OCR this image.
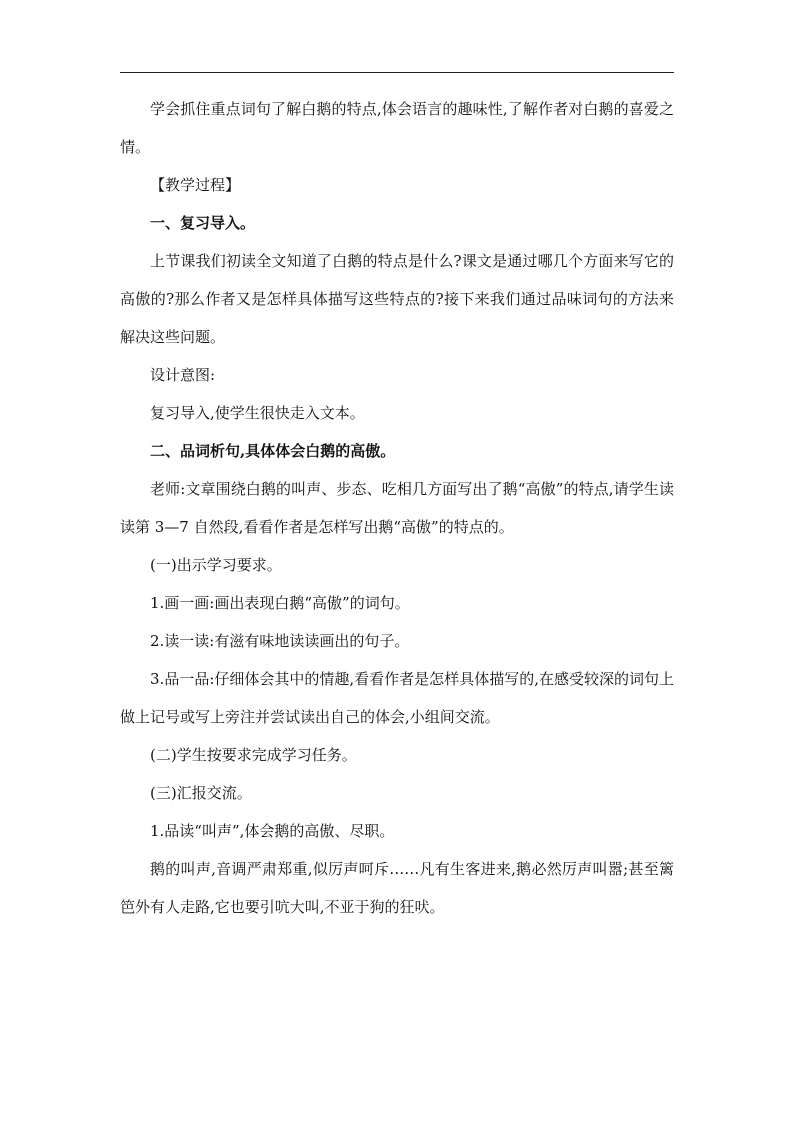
学会抓住重点词句了解白鹅的特点,体会语言的趣味性,了解作者对白鹅的喜爱之情。

【教学过程】

一、复习导入。

上节课我们初读全文知道了白鹅的特点是什么?课文是通过哪几个方面来写它的高傲的?那么作者又是怎样具体描写这些特点的?接下来我们通过品味词句的方法来解决这些问题。

设计意图:

复习导入,使学生很快走入文本。

二、品词析句,具体体会白鹅的高傲。

老师:文章围绕白鹅的叫声、步态、吃相几方面写出了鹅“高傲”的特点,请学生读读第 3—7 自然段,看看作者是怎样写出鹅“高傲”的特点的。

(一)出示学习要求。

1.画一画:画出表现白鹅“高傲”的词句。

2.读一读:有滋有味地读读画出的句子。

3.品一品:仔细体会其中的情趣,看看作者是怎样具体描写的,在感受较深的词句上做上记号或写上旁注并尝试读出自己的体会,小组间交流。

(二)学生按要求完成学习任务。

(三)汇报交流。

1.品读“叫声”,体会鹅的高傲、尽职。

鹅的叫声,音调严肃郑重,似厉声呵斥……凡有生客进来,鹅必然厉声叫嚣;甚至篱笆外有人走路,它也要引吭大叫,不亚于狗的狂吠。
